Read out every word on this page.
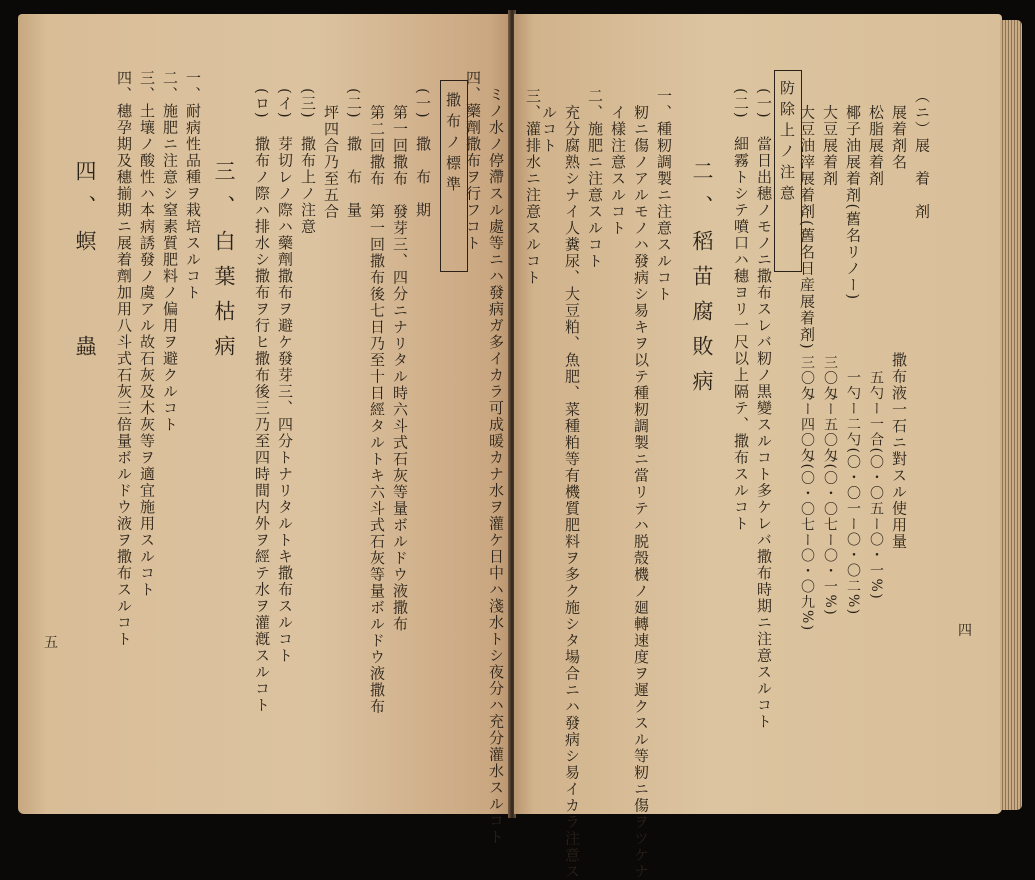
（ニ）展　着　剤
　展着剤名
　松脂展着剤
　椰子油展着剤(舊名リノー)
　大豆展着剤
　大豆油滓展着剤(舊名日産展着剤)
撒布液一石ニ對スル使用量
五勺ー一合(〇・〇五ー〇・一%)
一勺ー二勺(〇・〇一ー〇・〇二%)
三〇匁ー五〇匁(〇・〇七ー〇・一%)
三〇匁ー四〇匁(〇・〇七ー〇・〇九%)
防除上ノ注意
(一)　當日出穗ノモノニ撒布スレバ籾ノ黒變スルコト多ケレバ撒布時期ニ注意スルコト
(二)　細霧トシテ噴口ハ穗ヨリ一尺以上隔テ、撒布スルコト
二、稻苗腐敗病
一、種籾調製ニ注意スルコト
　籾ニ傷ノアルモノハ發病シ易キヲ以テ種籾調製ニ當リテハ脱殼機ノ廻轉速度ヲ遲クスル等籾ニ傷ヲツケナ
　イ樣注意スルコト
二、施肥ニ注意スルコト
　充分腐熟シナイ人糞尿、大豆粕、魚肥、菜種粕等有機質肥料ヲ多ク施シタ場合ニハ發病シ易イカラ注意ス
　ルコト
三、灌排水ニ注意スルコト
四
　ミノ水ノ停滯スル處等ニハ發病ガ多イカラ可成暖カナ水ヲ灌ケ日中ハ淺水トシ夜分ハ充分灌水スルコト
四、藥劑撒布ヲ行フコト
撒布ノ標準
(一)　撒　布　期
　第一回撒布　發芽三、四分ニナリタル時六斗式石灰等量ボルドウ液撒布
　第二回撒布　第一回撒布後七日乃至十日經タルトキ六斗式石灰等量ボルドウ液撒布
(二)　撒　布　量
　坪四合乃至五合
(三)　撒布上ノ注意
(イ)　芽切レノ際ハ藥劑撒布ヲ避ケ發芽三、四分トナリタルトキ撒布スルコト
(ロ)　撒布ノ際ハ排水シ撒布ヲ行ヒ撒布後三乃至四時間内外ヲ經テ水ヲ灌漑スルコト
三、白葉枯病
一、耐病性品種ヲ栽培スルコト
二、施肥ニ注意シ窒素質肥料ノ偏用ヲ避クルコト
三、土壤ノ酸性ハ本病誘發ノ虞アル故石灰及木灰等ヲ適宜施用スルコト
四、穗孕期及穗揃期ニ展着劑加用八斗式石灰三倍量ボルドウ液ヲ撒布スルコト
四、螟　　蟲
五
